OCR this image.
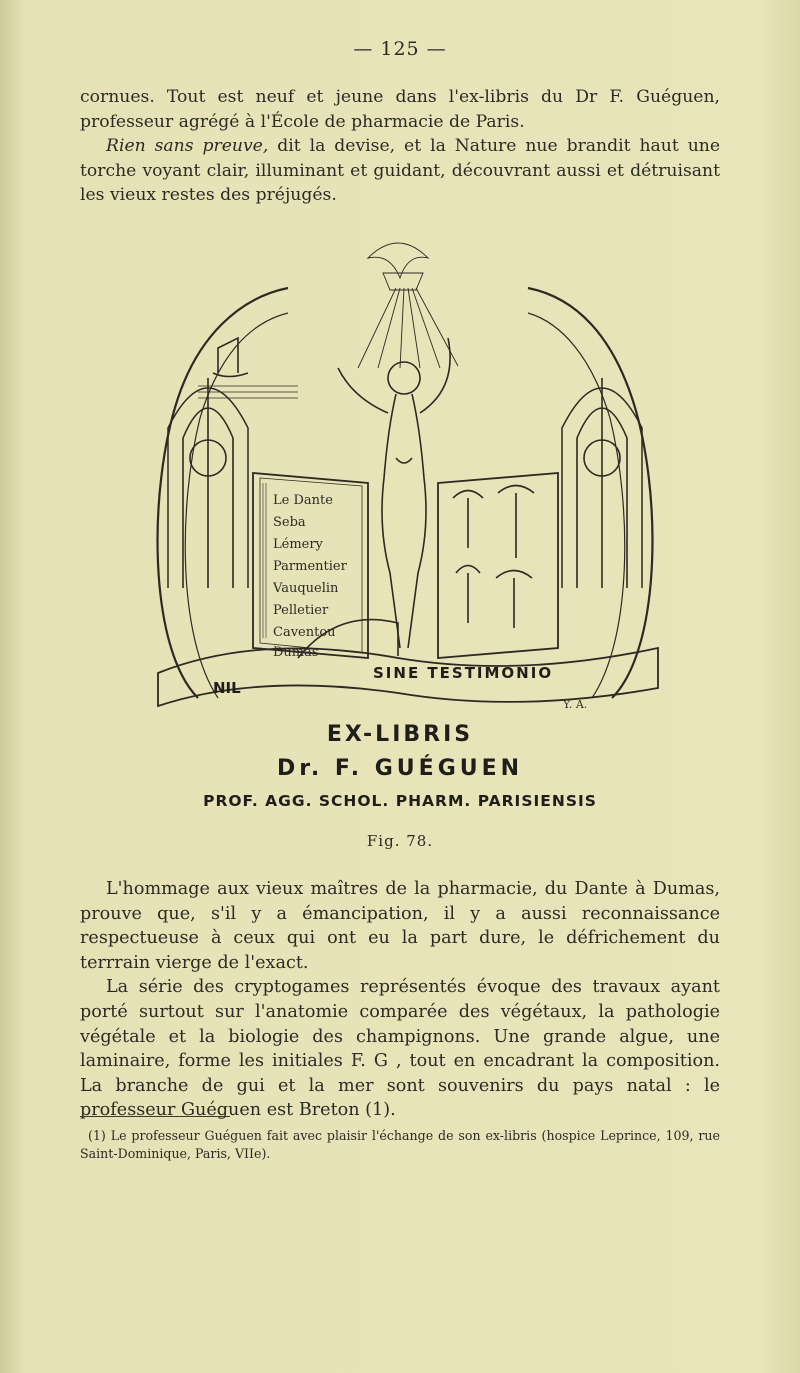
— 125 —

cornues. Tout est neuf et jeune dans l'ex-libris du Dr F. Guéguen, professeur agrégé à l'École de pharmacie de Paris.

Rien sans preuve, dit la devise, et la Nature nue brandit haut une torche voyant clair, illuminant et guidant, découvrant aussi et détruisant les vieux restes des préjugés.

Le Dante
Seba
Lémery
Parmentier
Vauquelin
Pelletier
Caventou
Dumas
NIL
SINE TESTIMONIO
Y. A.
EX-LIBRIS
Dr. F. GUÉGUEN
PROF. AGG. SCHOL. PHARM. PARISIENSIS
Fig. 78.

L'hommage aux vieux maîtres de la pharmacie, du Dante à Dumas, prouve que, s'il y a émancipation, il y a aussi reconnaissance respectueuse à ceux qui ont eu la part dure, le défrichement du terrrain vierge de l'exact.

La série des cryptogames représentés évoque des travaux ayant porté surtout sur l'anatomie comparée des végétaux, la pathologie végétale et la biologie des champignons. Une grande algue, une laminaire, forme les initiales F. G , tout en encadrant la composition. La branche de gui et la mer sont souvenirs du pays natal : le professeur Guéguen est Breton (1).

(1) Le professeur Guéguen fait avec plaisir l'échange de son ex-libris (hospice Leprince, 109, rue Saint-Dominique, Paris, VIIe).
